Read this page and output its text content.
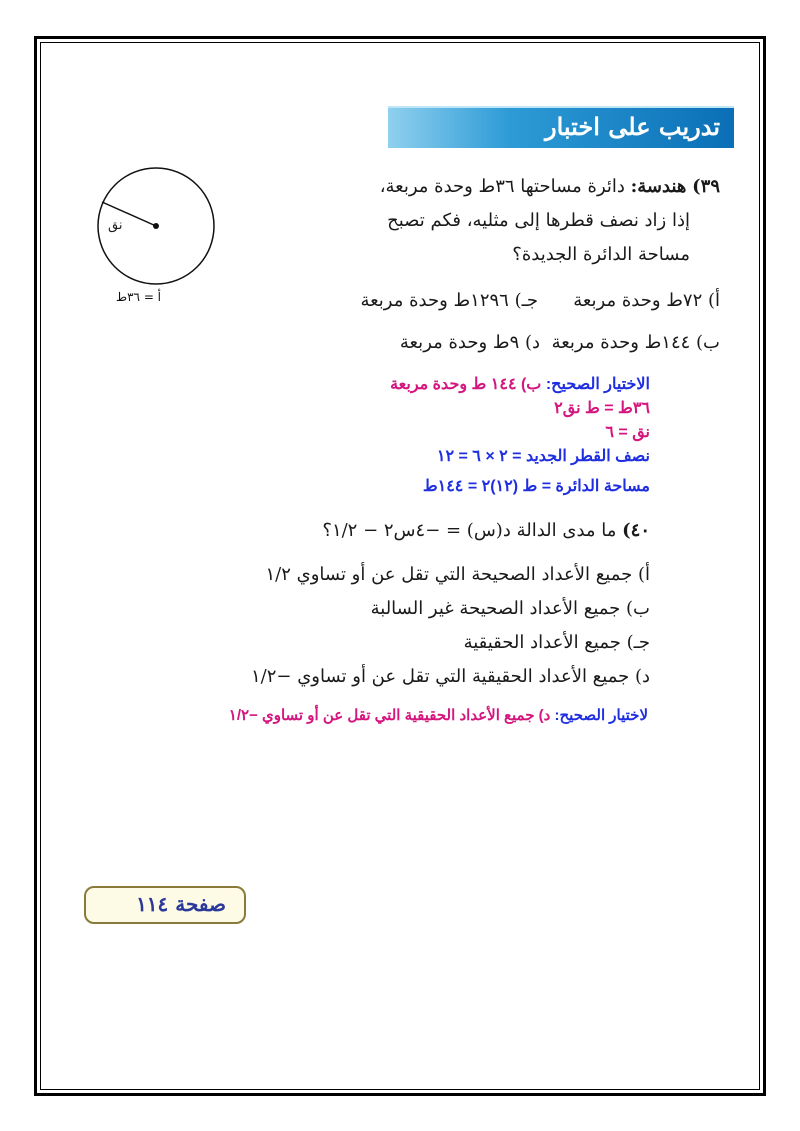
تدريب على اختبار
نق
أ = ٣٦ط
٣٩) هندسة: دائرة مساحتها ٣٦ط وحدة مربعة،
إذا زاد نصف قطرها إلى مثليه، فكم تصبح
مساحة الدائرة الجديدة؟
أ) ٧٢ط وحدة مربعة
جـ) ١٢٩٦ط وحدة مربعة
ب) ١٤٤ط وحدة مربعة
د) ٩ط وحدة مربعة
الاختيار الصحيح: ب) ١٤٤ ط وحدة مربعة
٣٦ط = ط نق٢
نق = ٦
نصف القطر الجديد = ٢ × ٦ = ١٢
مساحة الدائرة = ط (١٢)٢ = ١٤٤ط
٤٠) ما مدى الدالة د(س) = −٤س٢ − ١/٢؟
أ) جميع الأعداد الصحيحة التي تقل عن أو تساوي ١/٢
ب) جميع الأعداد الصحيحة غير السالبة
جـ) جميع الأعداد الحقيقية
د) جميع الأعداد الحقيقية التي تقل عن أو تساوي −١/٢
لاختيار الصحيح: د) جميع الأعداد الحقيقية التي تقل عن أو تساوي −١/٢
صفحة ١١٤
